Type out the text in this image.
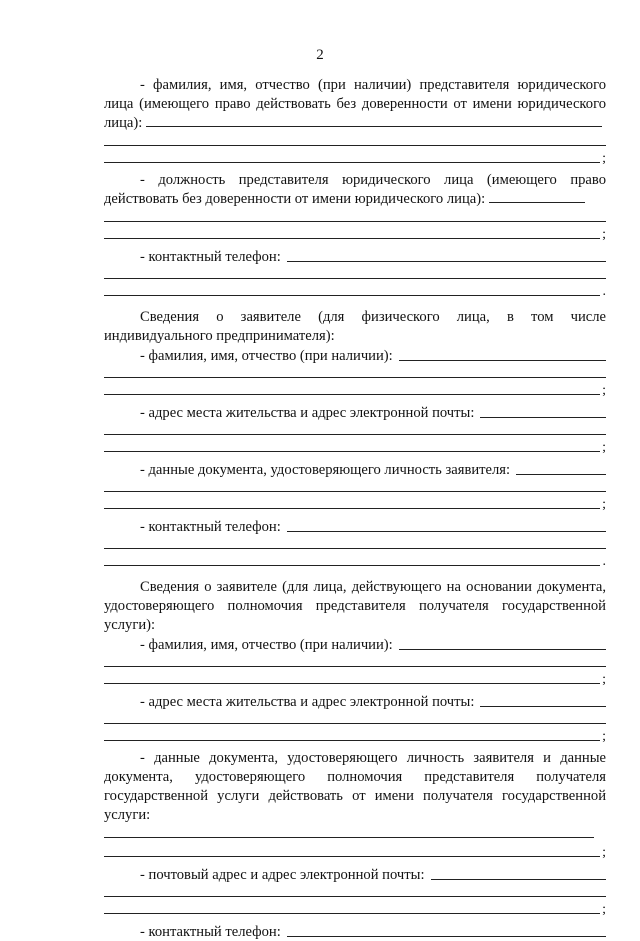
2

- фамилия, имя, отчество (при наличии) представителя юридического лица (имеющего право действовать без доверенности от имени юридического лица):

;

- должность представителя юридического лица (имеющего право действовать без доверенности от имени юридического лица):

;
- контактный телефон:
.

Сведения о заявителе (для физического лица, в том числе индивидуального предпринимателя):

- фамилия, имя, отчество (при наличии):
;
- адрес места жительства и адрес электронной почты:
;
- данные документа, удостоверяющего личность заявителя:
;
- контактный телефон:
.

Сведения о заявителе (для лица, действующего на основании документа, удостоверяющего полномочия представителя получателя государственной услуги):

- фамилия, имя, отчество (при наличии):
;
- адрес места жительства и адрес электронной почты:
;

- данные документа, удостоверяющего личность заявителя и данные документа, удостоверяющего полномочия представителя получателя государственной услуги действовать от имени получателя государственной услуги:

;
- почтовый адрес и адрес электронной почты:
;
- контактный телефон:
